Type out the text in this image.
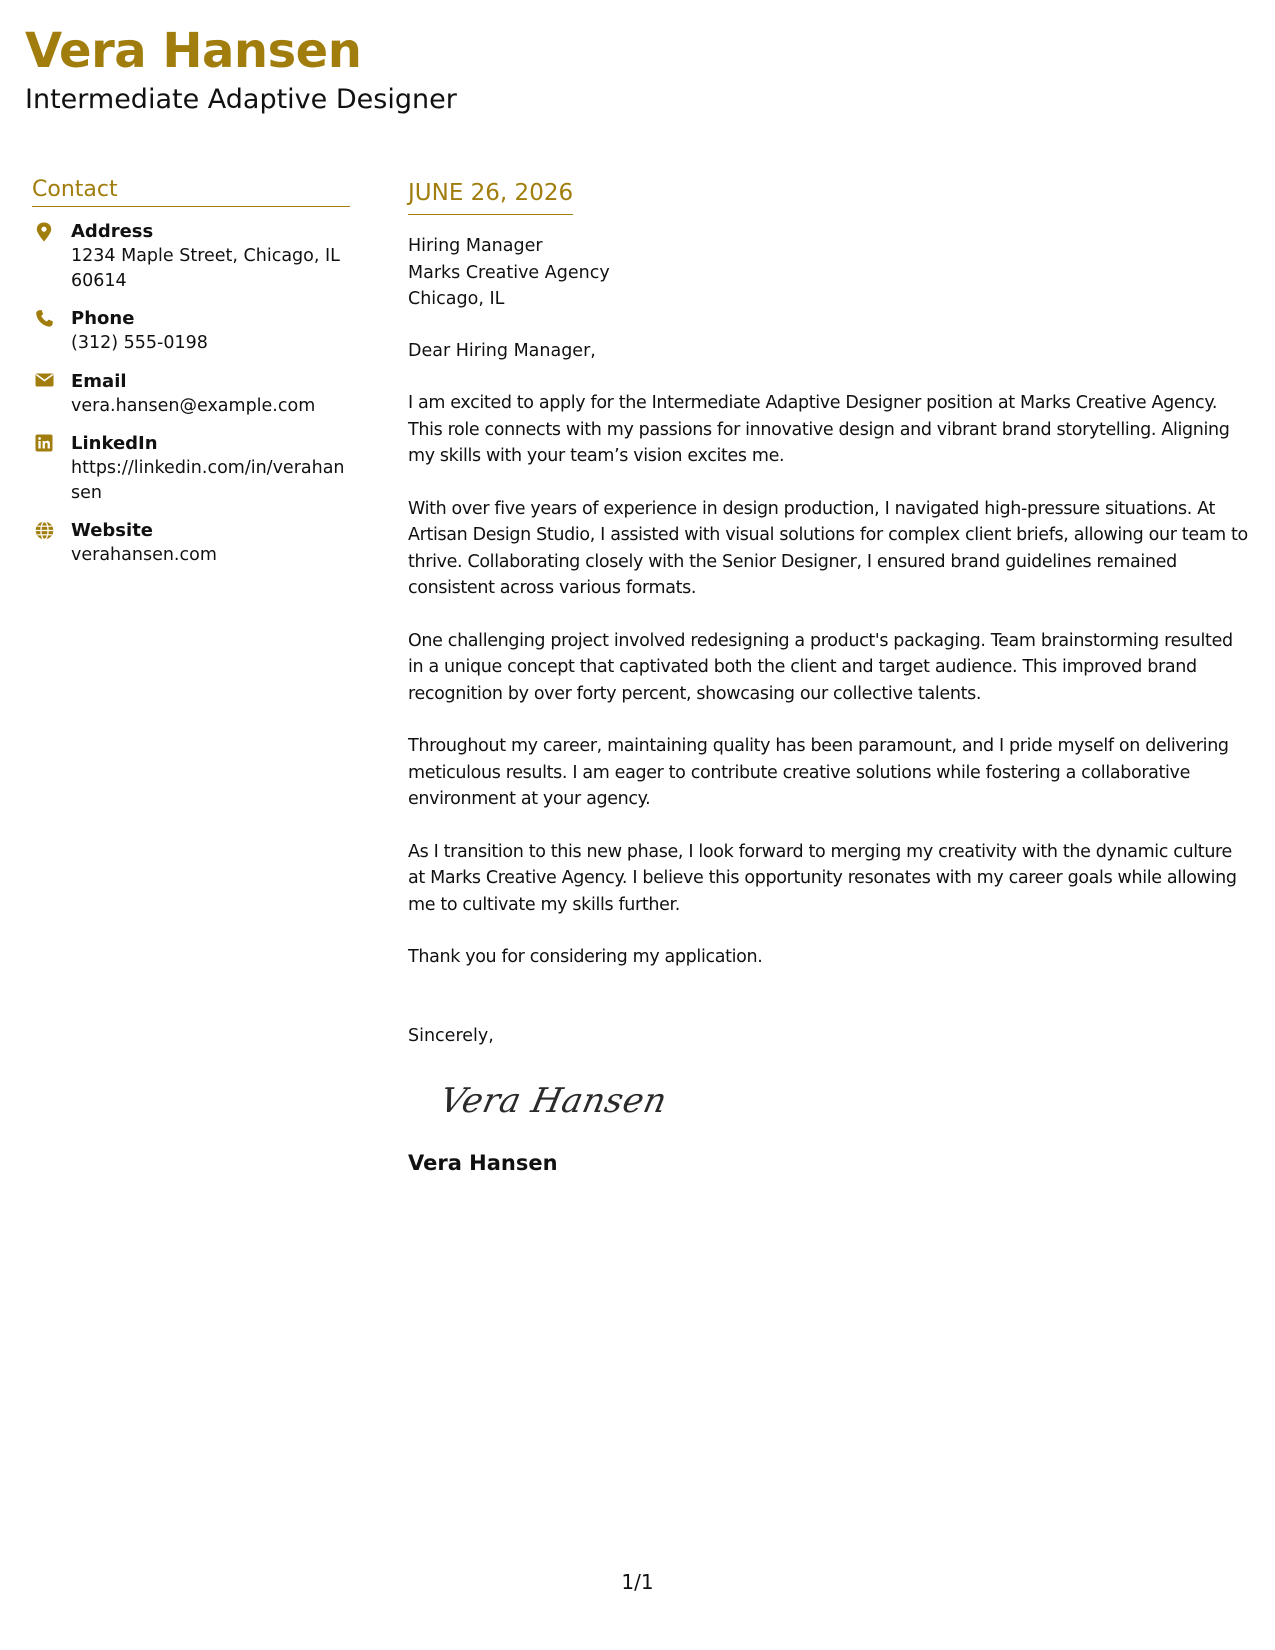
Vera Hansen
Intermediate Adaptive Designer
Contact
Address
1234 Maple Street, Chicago, IL 60614
Phone
(312) 555-0198
Email
vera.hansen@example.com
LinkedIn
https://linkedin.com/in/verahansen
Website
verahansen.com
JUNE 26, 2026
Hiring Manager
Marks Creative Agency
Chicago, IL
Dear Hiring Manager,
I am excited to apply for the Intermediate Adaptive Designer position at Marks Creative Agency. This role connects with my passions for innovative design and vibrant brand storytelling. Aligning my skills with your team’s vision excites me.
With over five years of experience in design production, I navigated high-pressure situations. At Artisan Design Studio, I assisted with visual solutions for complex client briefs, allowing our team to thrive. Collaborating closely with the Senior Designer, I ensured brand guidelines remained consistent across various formats.
One challenging project involved redesigning a product's packaging. Team brainstorming resulted in a unique concept that captivated both the client and target audience. This improved brand recognition by over forty percent, showcasing our collective talents.
Throughout my career, maintaining quality has been paramount, and I pride myself on delivering meticulous results. I am eager to contribute creative solutions while fostering a collaborative environment at your agency.
As I transition to this new phase, I look forward to merging my creativity with the dynamic culture at Marks Creative Agency. I believe this opportunity resonates with my career goals while allowing me to cultivate my skills further.
Thank you for considering my application.
Sincerely,
Vera Hansen
Vera Hansen
1/1
